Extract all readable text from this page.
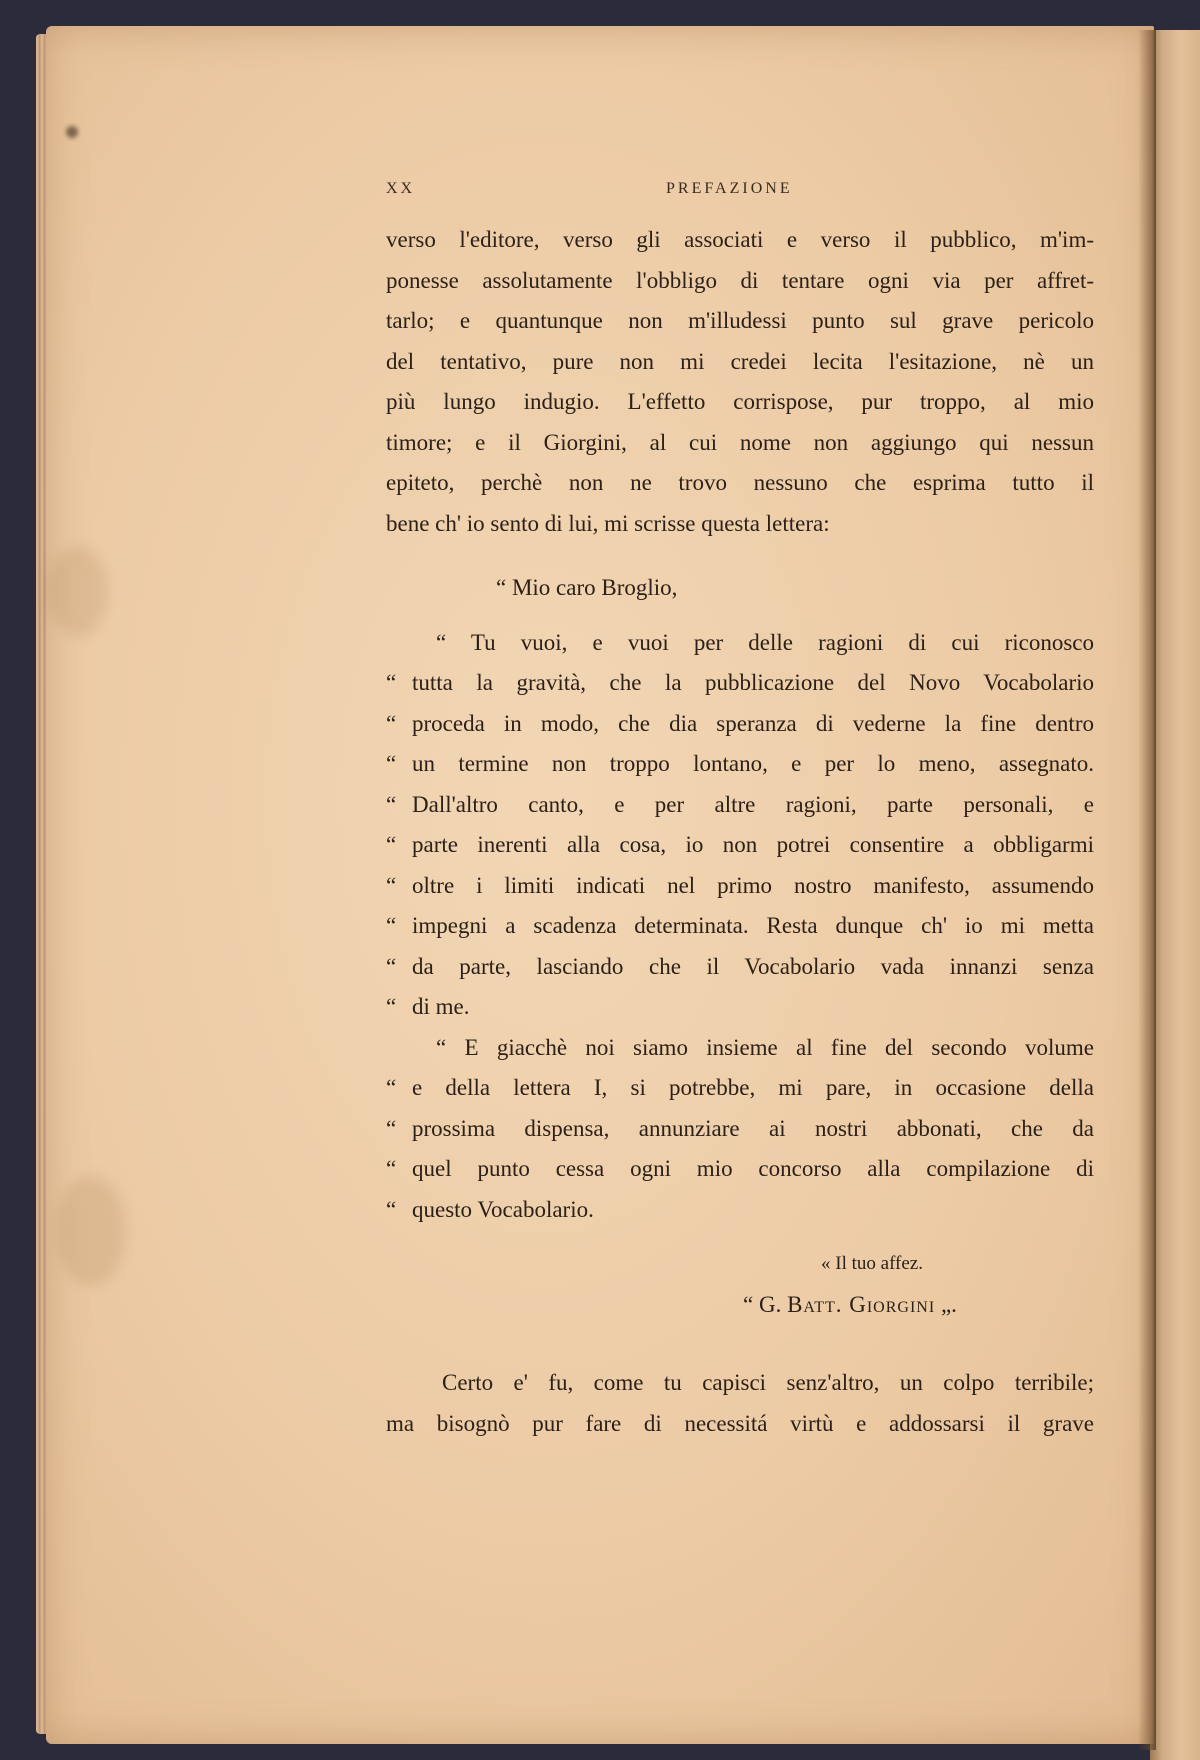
XX	PREFAZIONE
verso l'editore, verso gli associati e verso il pubblico, m'im-
ponesse assolutamente l'obbligo di tentare ogni via per affret-
tarlo; e quantunque non m'illudessi punto sul grave pericolo
del tentativo, pure non mi credei lecita l'esitazione, nè un
più lungo indugio. L'effetto corrispose, pur troppo, al mio
timore; e il Giorgini, al cui nome non aggiungo qui nessun
epiteto, perchè non ne trovo nessuno che esprima tutto il
bene ch' io sento di lui, mi scrisse questa lettera:
“ Mio caro Broglio,
“ Tu vuoi, e vuoi per delle ragioni di cui riconosco
“ tutta la gravità, che la pubblicazione del Novo Vocabolario
“ proceda in modo, che dia speranza di vederne la fine dentro
“ un termine non troppo lontano, e per lo meno, assegnato.
“ Dall'altro canto, e per altre ragioni, parte personali, e
“ parte inerenti alla cosa, io non potrei consentire a obbligarmi
“ oltre i limiti indicati nel primo nostro manifesto, assumendo
“ impegni a scadenza determinata. Resta dunque ch' io mi metta
“ da parte, lasciando che il Vocabolario vada innanzi senza
“ di me.
“ E giacchè noi siamo insieme al fine del secondo volume
“ e della lettera I, si potrebbe, mi pare, in occasione della
“ prossima dispensa, annunziare ai nostri abbonati, che da
“ quel punto cessa ogni mio concorso alla compilazione di
“ questo Vocabolario.
« Il tuo affez.
“ G. Batt. Giorgini „.
Certo e' fu, come tu capisci senz'altro, un colpo terribile;
ma bisognò pur fare di necessitá virtù e addossarsi il grave
